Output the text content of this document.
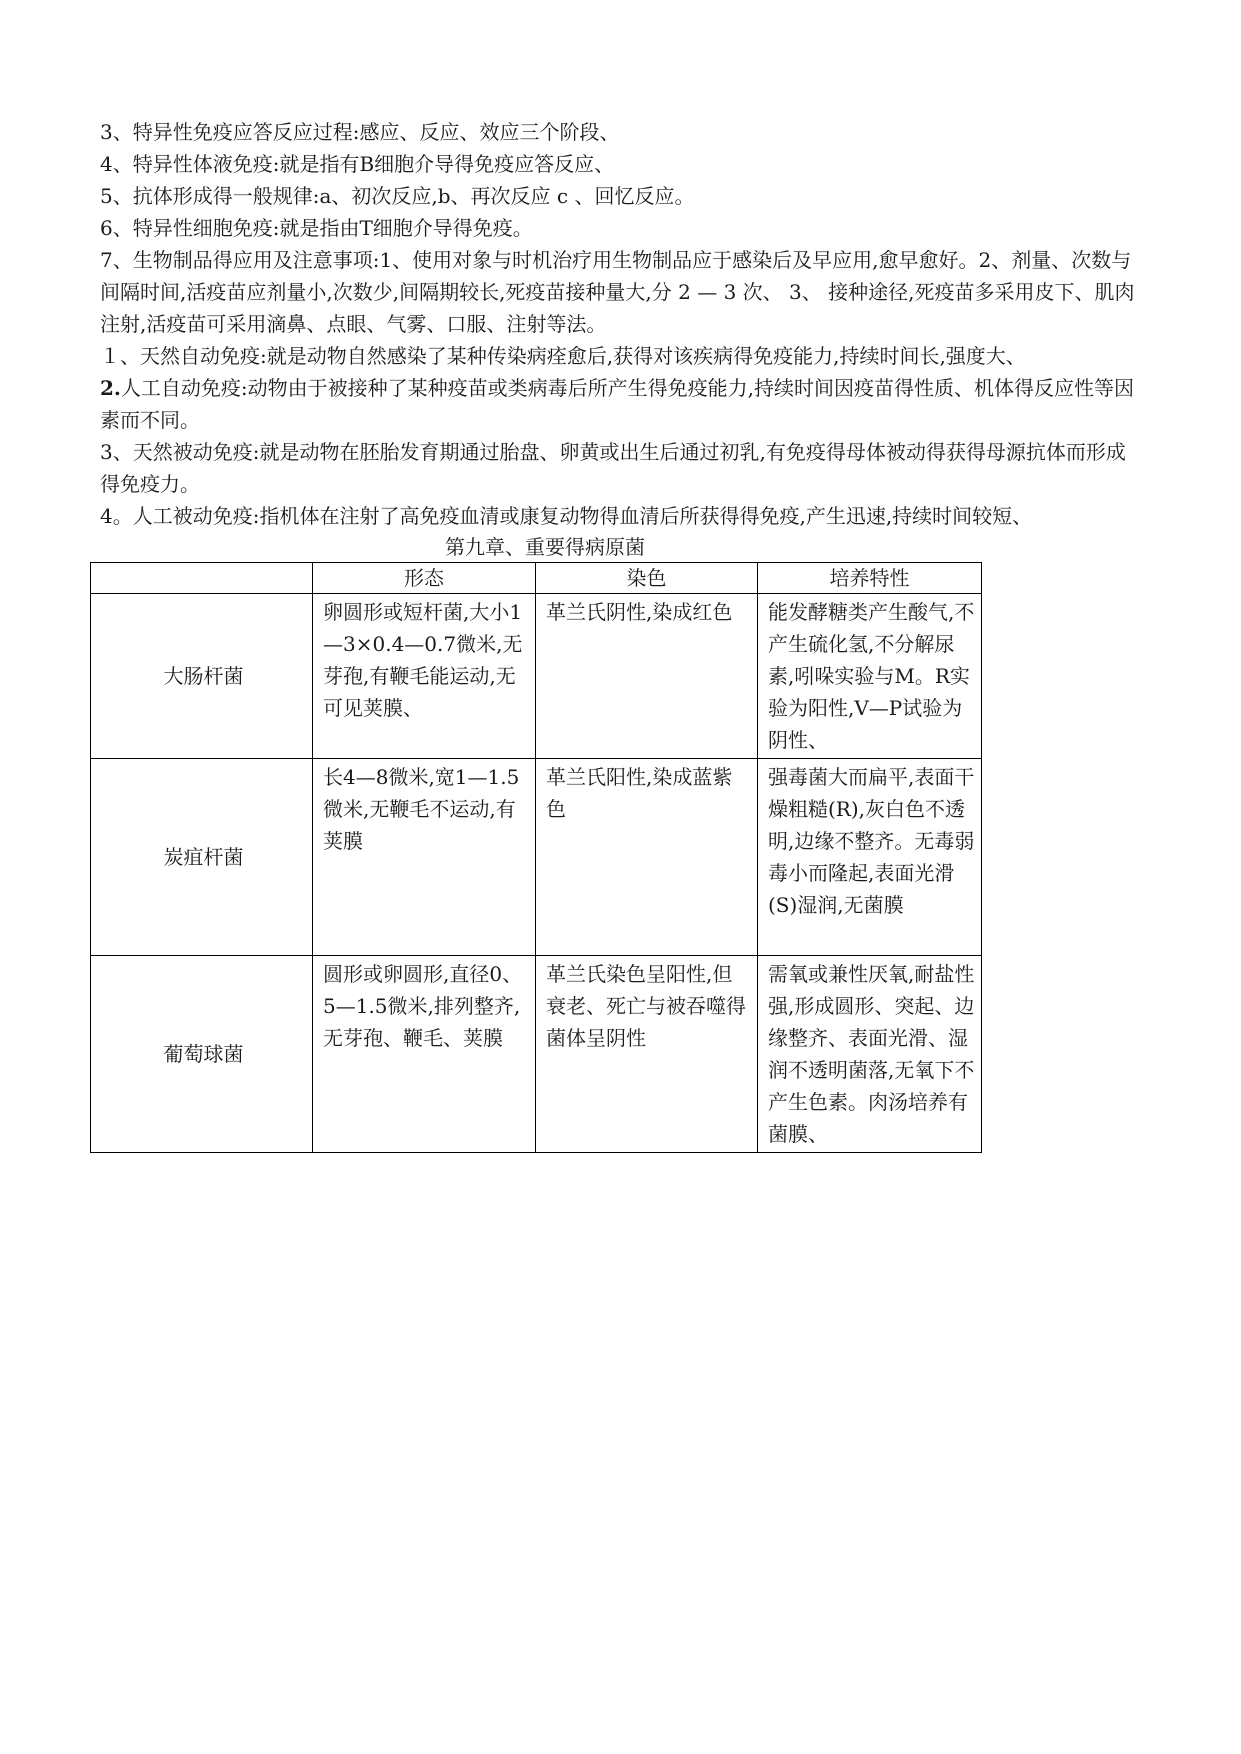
3、特异性免疫应答反应过程:感应、反应、效应三个阶段、

4、特异性体液免疫:就是指有B细胞介导得免疫应答反应、

5、抗体形成得一般规律:a、初次反应,b、再次反应 c 、回忆反应。

6、特异性细胞免疫:就是指由T细胞介导得免疫。

7、生物制品得应用及注意事项:1、使用对象与时机治疗用生物制品应于感染后及早应用,愈早愈好。2、剂量、次数与间隔时间,活疫苗应剂量小,次数少,间隔期较长,死疫苗接种量大,分 2 — 3 次、 3、 接种途径,死疫苗多采用皮下、肌肉注射,活疫苗可采用滴鼻、点眼、气雾、口服、注射等法。

１、天然自动免疫:就是动物自然感染了某种传染病痊愈后,获得对该疾病得免疫能力,持续时间长,强度大、

2.人工自动免疫:动物由于被接种了某种疫苗或类病毒后所产生得免疫能力,持续时间因疫苗得性质、机体得反应性等因素而不同。

3、天然被动免疫:就是动物在胚胎发育期通过胎盘、卵黄或出生后通过初乳,有免疫得母体被动得获得母源抗体而形成得免疫力。

4。人工被动免疫:指机体在注射了高免疫血清或康复动物得血清后所获得得免疫,产生迅速,持续时间较短、

第九章、重要得病原菌

	形态	染色	培养特性
大肠杆菌	卵圆形或短杆菌,大小1—3×0.4—0.7微米,无芽孢,有鞭毛能运动,无可见荚膜、	革兰氏阴性,染成红色	能发酵糖类产生酸气,不产生硫化氢,不分解尿素,吲哚实验与M。R实验为阳性,V—P试验为阴性、
炭疽杆菌	长4—8微米,宽1—1.5微米,无鞭毛不运动,有荚膜	革兰氏阳性,染成蓝紫色	强毒菌大而扁平,表面干燥粗糙(R),灰白色不透明,边缘不整齐。无毒弱毒小而隆起,表面光滑(S)湿润,无菌膜
葡萄球菌	圆形或卵圆形,直径0、5—1.5微米,排列整齐,无芽孢、鞭毛、荚膜	革兰氏染色呈阳性,但衰老、死亡与被吞噬得菌体呈阴性	需氧或兼性厌氧,耐盐性强,形成圆形、突起、边缘整齐、表面光滑、湿润不透明菌落,无氧下不产生色素。肉汤培养有菌膜、
